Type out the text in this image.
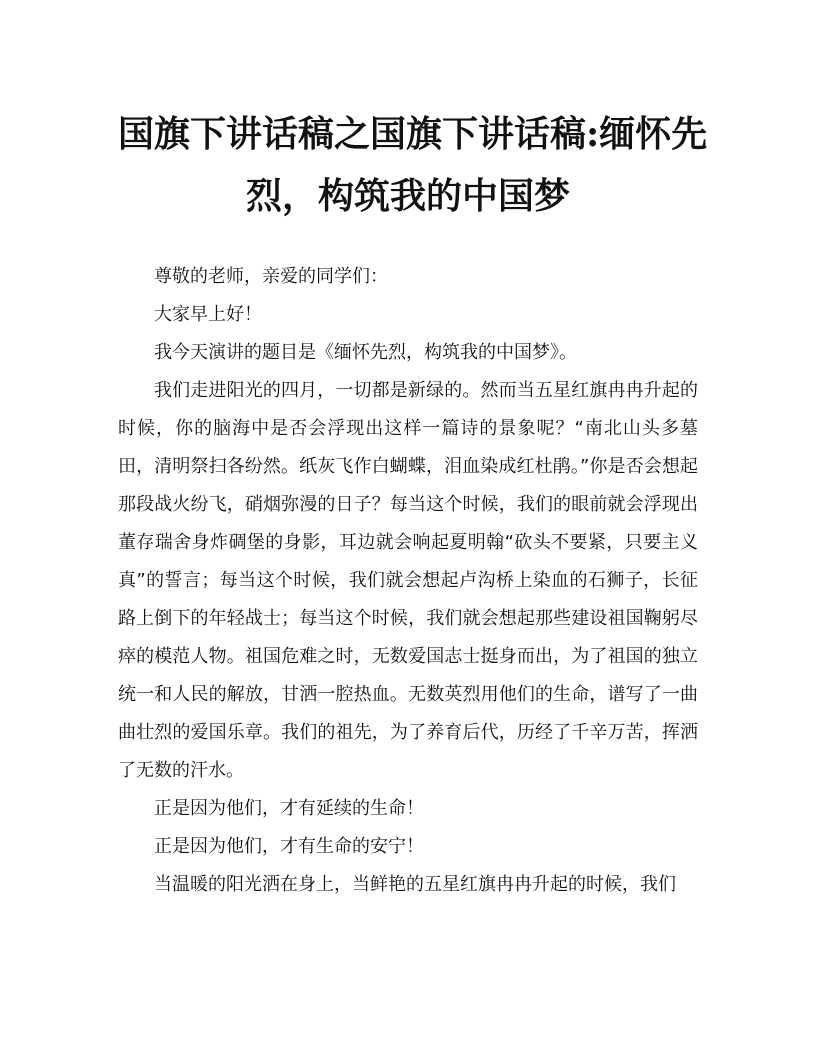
国旗下讲话稿之国旗下讲话稿:缅怀先
烈，构筑我的中国梦

尊敬的老师，亲爱的同学们：

大家早上好！

我今天演讲的题目是《缅怀先烈，构筑我的中国梦》。

我们走进阳光的四月，一切都是新绿的。然而当五星红旗冉冉升起的时候，你的脑海中是否会浮现出这样一篇诗的景象呢？“南北山头多墓田，清明祭扫各纷然。纸灰飞作白蝴蝶，泪血染成红杜鹃。”你是否会想起那段战火纷飞，硝烟弥漫的日子？每当这个时候，我们的眼前就会浮现出董存瑞舍身炸碉堡的身影，耳边就会响起夏明翰“砍头不要紧，只要主义真”的誓言；每当这个时候，我们就会想起卢沟桥上染血的石狮子，长征路上倒下的年轻战士；每当这个时候，我们就会想起那些建设祖国鞠躬尽瘁的模范人物。祖国危难之时，无数爱国志士挺身而出，为了祖国的独立统一和人民的解放，甘洒一腔热血。无数英烈用他们的生命，谱写了一曲曲壮烈的爱国乐章。我们的祖先，为了养育后代，历经了千辛万苦，挥洒了无数的汗水。

正是因为他们，才有延续的生命！

正是因为他们，才有生命的安宁！

当温暖的阳光洒在身上，当鲜艳的五星红旗冉冉升起的时候，我们
